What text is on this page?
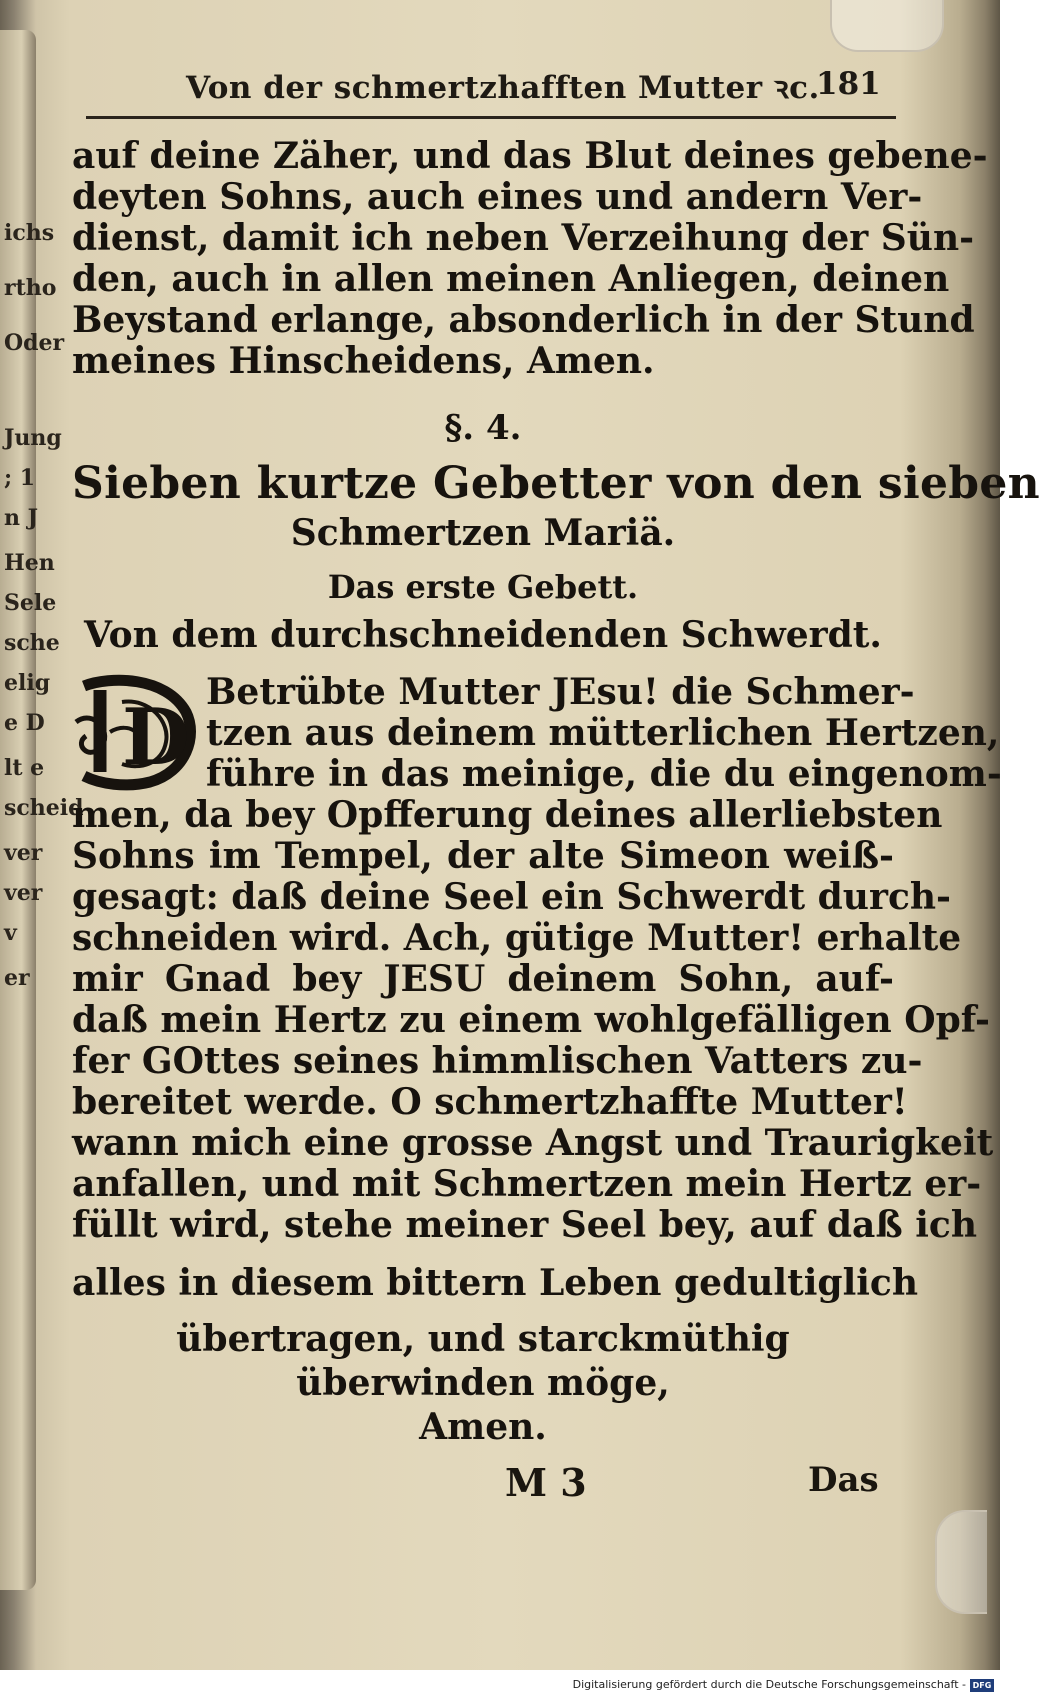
ichs
rtho
Oder
Jung
; 1
n J
Hen
Sele
sche
elig
e D
lt e
scheid
ver
ver
v
er
Von der schmertzhafften Mutter ꝛc.
181
auf deine Zäher, und das Blut deines gebene-
deyten Sohns, auch eines und andern Ver-
dienst, damit ich neben Verzeihung der Sün-
den, auch in allen meinen Anliegen, deinen
Beystand erlange, absonderlich in der Stund
meines Hinscheidens, Amen.
§. 4.
Sieben kurtze Gebetter von den sieben
Schmertzen Mariä.
Das erste Gebett.
Von dem durchschneidenden Schwerdt.
D Betrübte Mutter JEsu! die Schmer-
tzen aus deinem mütterlichen Hertzen,
führe in das meinige, die du eingenom-
men, da bey Opfferung deines allerliebsten
Sohns im Tempel, der alte Simeon weiß-
gesagt: daß deine Seel ein Schwerdt durch-
schneiden wird. Ach, gütige Mutter! erhalte
mir Gnad bey JESU deinem Sohn, auf-
daß mein Hertz zu einem wohlgefälligen Opf-
fer GOttes seines himmlischen Vatters zu-
bereitet werde. O schmertzhaffte Mutter!
wann mich eine grosse Angst und Traurigkeit
anfallen, und mit Schmertzen mein Hertz er-
füllt wird, stehe meiner Seel bey, auf daß ich
alles in diesem bittern Leben gedultiglich
übertragen, und starckmüthig
überwinden möge,
Amen.
M 3	Das
Digitalisierung gefördert durch die Deutsche Forschungsgemeinschaft - DFG
